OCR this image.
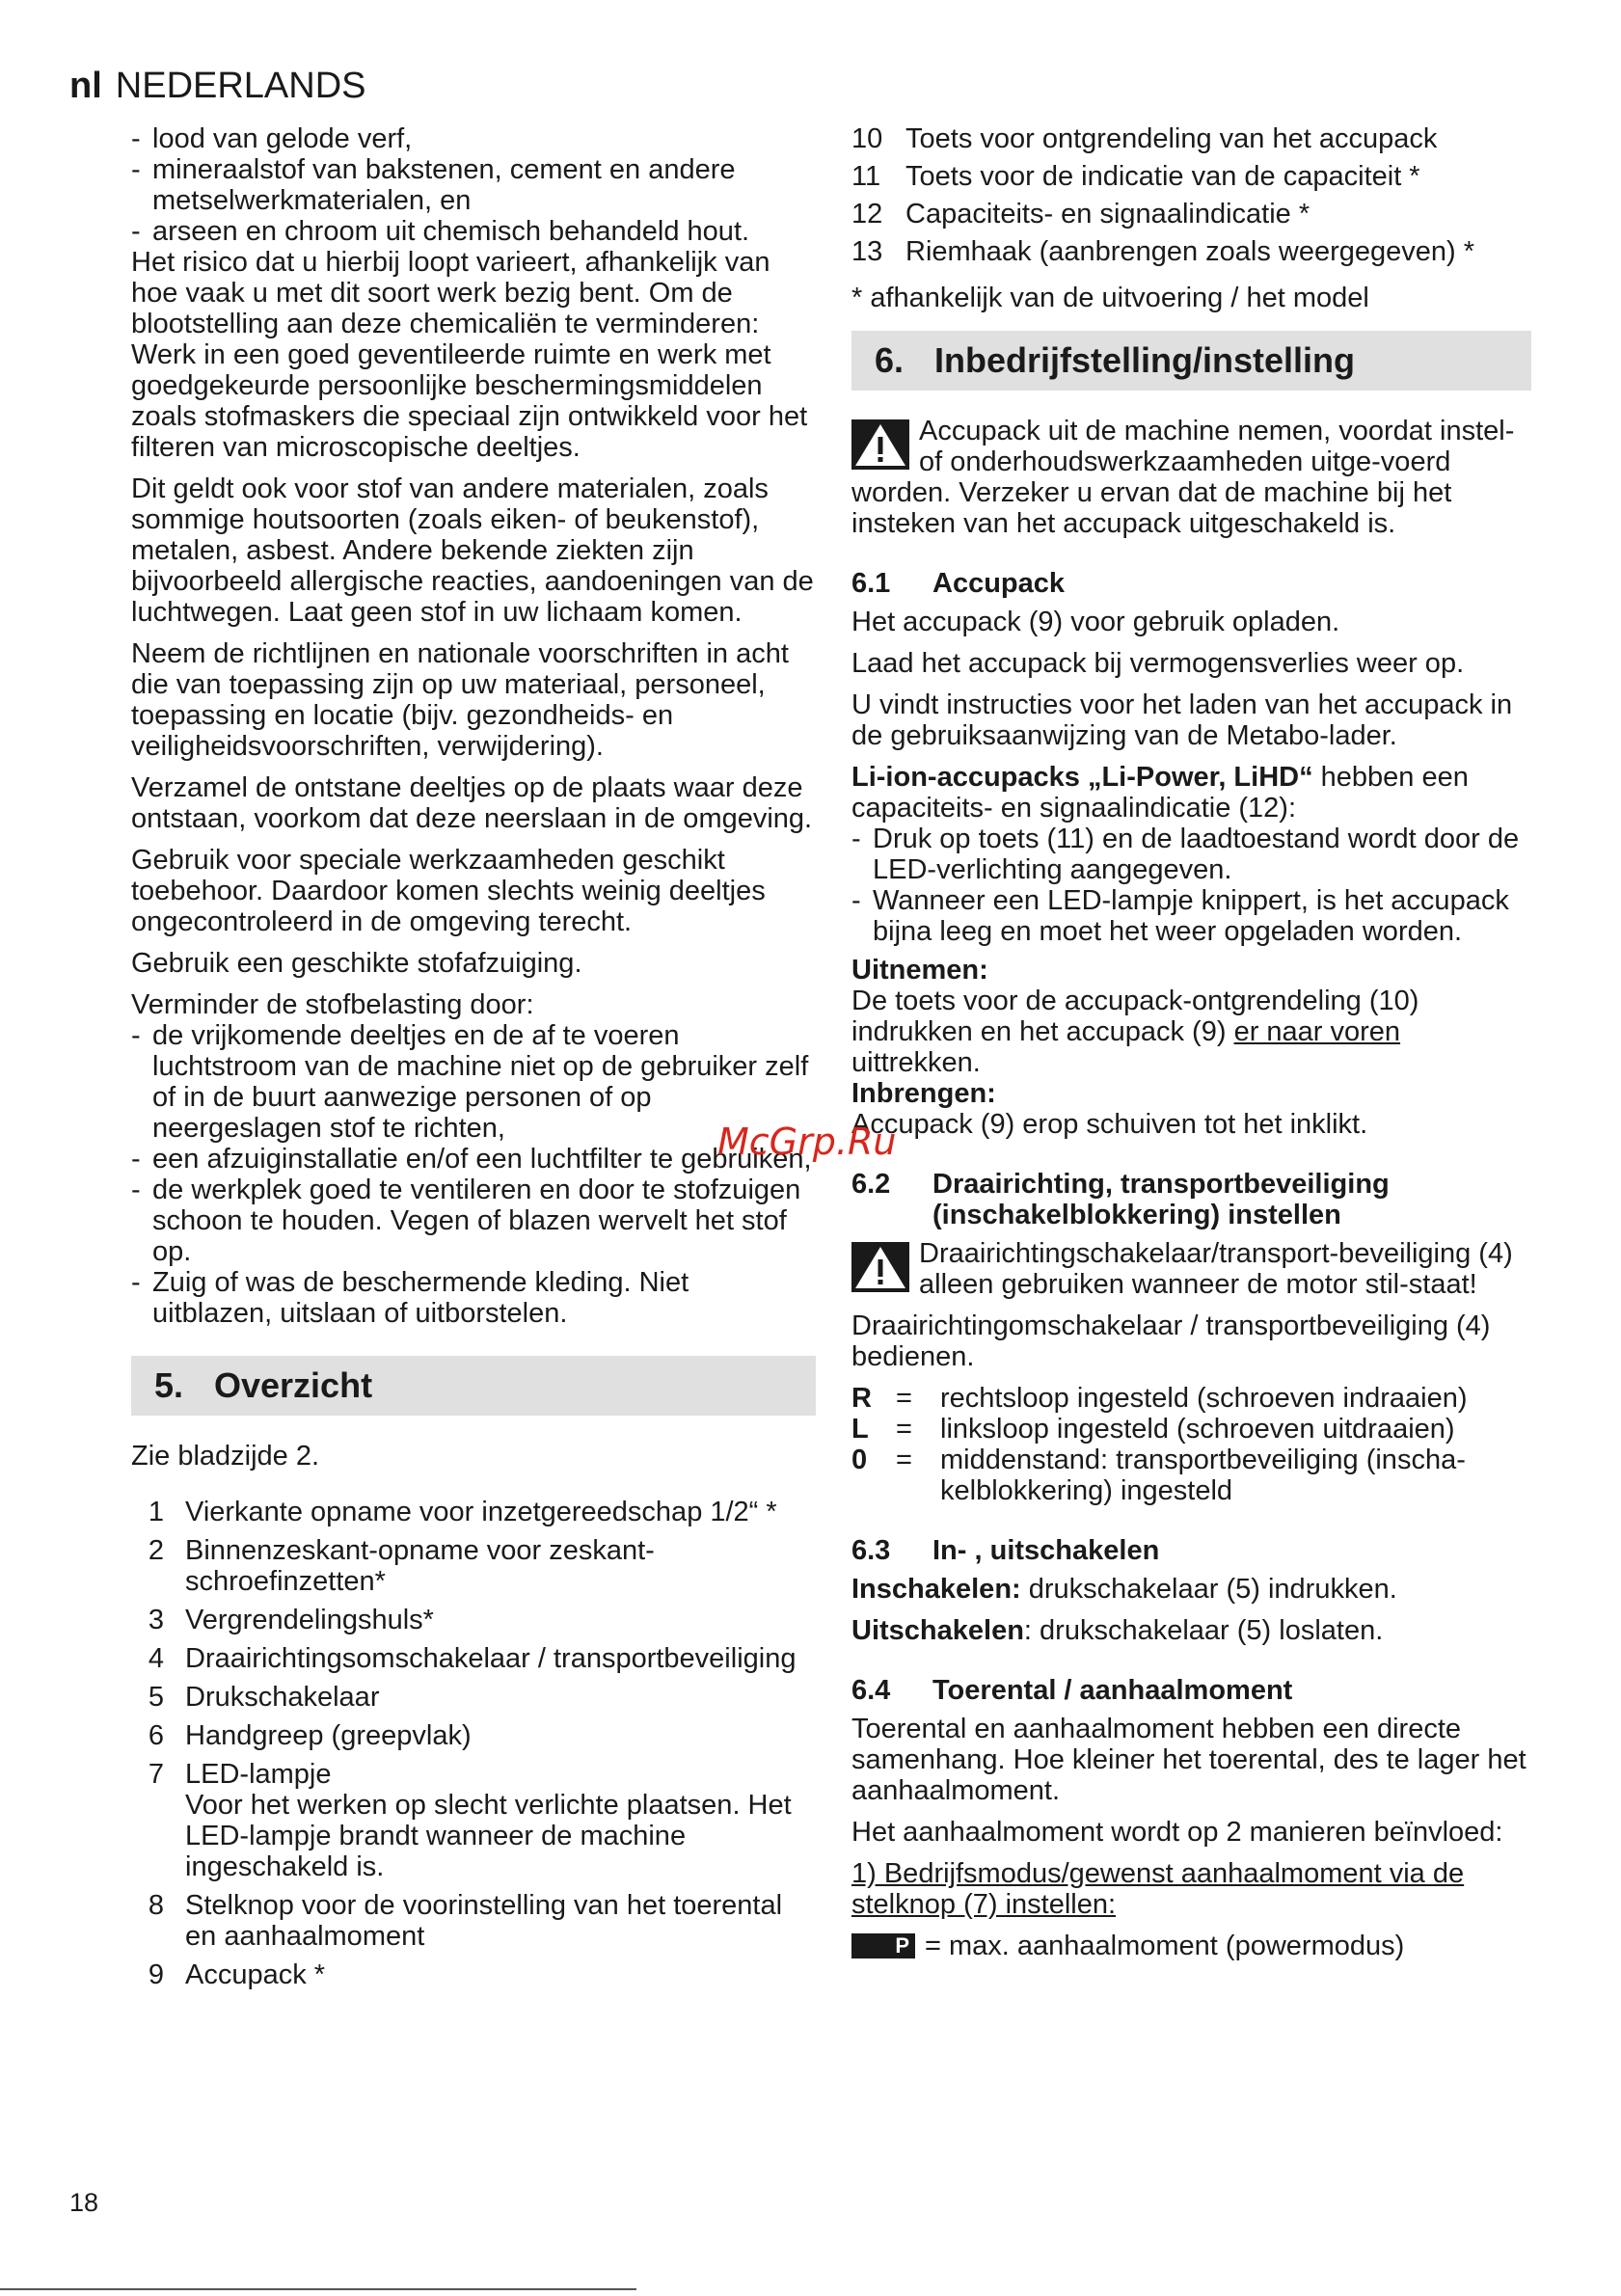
nl NEDERLANDS
- lood van gelode verf,
- mineraalstof van bakstenen, cement en andere metselwerkmaterialen, en
- arseen en chroom uit chemisch behandeld hout.

Het risico dat u hierbij loopt varieert, afhankelijk van hoe vaak u met dit soort werk bezig bent. Om de blootstelling aan deze chemicaliën te verminderen: Werk in een goed geventileerde ruimte en werk met goedgekeurde persoonlijke beschermingsmiddelen zoals stofmaskers die speciaal zijn ontwikkeld voor het filteren van microscopische deeltjes.

Dit geldt ook voor stof van andere materialen, zoals sommige houtsoorten (zoals eiken- of beukenstof), metalen, asbest. Andere bekende ziekten zijn bijvoorbeeld allergische reacties, aandoeningen van de luchtwegen. Laat geen stof in uw lichaam komen.

Neem de richtlijnen en nationale voorschriften in acht die van toepassing zijn op uw materiaal, personeel, toepassing en locatie (bijv. gezondheids- en veiligheidsvoorschriften, verwijdering).

Verzamel de ontstane deeltjes op de plaats waar deze ontstaan, voorkom dat deze neerslaan in de omgeving.

Gebruik voor speciale werkzaamheden geschikt toebehoor. Daardoor komen slechts weinig deeltjes ongecontroleerd in de omgeving terecht.

Gebruik een geschikte stofafzuiging.

Verminder de stofbelasting door:

- de vrijkomende deeltjes en de af te voeren luchtstroom van de machine niet op de gebruiker zelf of in de buurt aanwezige personen of op neergeslagen stof te richten,
- een afzuiginstallatie en/of een luchtfilter te gebruiken,
- de werkplek goed te ventileren en door te stofzuigen schoon te houden. Vegen of blazen wervelt het stof op.
- Zuig of was de beschermende kleding. Niet uitblazen, uitslaan of uitborstelen.
5. Overzicht

Zie bladzijde 2.

1 Vierkante opname voor inzetgereedschap 1/2“ *
2 Binnenzeskant-opname voor zeskant-schroefinzetten*
3 Vergrendelingshuls*
4 Draairichtingsomschakelaar / transportbeveiliging
5 Drukschakelaar
6 Handgreep (greepvlak)
7 LED-lampje
Voor het werken op slecht verlichte plaatsen. Het LED-lampje brandt wanneer de machine ingeschakeld is.
8 Stelknop voor de voorinstelling van het toerental en aanhaalmoment
9 Accupack *
10 Toets voor ontgrendeling van het accupack
11 Toets voor de indicatie van de capaciteit *
12 Capaciteits- en signaalindicatie *
13 Riemhaak (aanbrengen zoals weergegeven) *

* afhankelijk van de uitvoering / het model

6. Inbedrijfstelling/instelling
Accupack uit de machine nemen, voordat instel- of onderhoudswerkzaamheden uitge-voerd worden. Verzeker u ervan dat de machine bij het insteken van het accupack uitgeschakeld is.
6.1 Accupack

Het accupack (9) voor gebruik opladen.

Laad het accupack bij vermogensverlies weer op.

U vindt instructies voor het laden van het accupack in de gebruiksaanwijzing van de Metabo-lader.

Li-ion-accupacks „Li-Power, LiHD“ hebben een capaciteits- en signaalindicatie (12):

- Druk op toets (11) en de laadtoestand wordt door de LED-verlichting aangegeven.
- Wanneer een LED-lampje knippert, is het accupack bijna leeg en moet het weer opgeladen worden.
Uitnemen:

De toets voor de accupack-ontgrendeling (10) indrukken en het accupack (9) er naar voren uittrekken.

Inbrengen:

Accupack (9) erop schuiven tot het inklikt.

6.2 Draairichting, transportbeveiliging (inschakelblokkering) instellen
Draairichtingschakelaar/transport-beveiliging (4) alleen gebruiken wanneer de motor stil-staat!

Draairichtingomschakelaar / transportbeveiliging (4) bedienen.

R =	rechtsloop ingesteld (schroeven indraaien)
L =	linksloop ingesteld (schroeven uitdraaien)
0	=	middenstand: transportbeveiliging (inscha-kelblokkering) ingesteld
6.3 In- , uitschakelen

Inschakelen: drukschakelaar (5) indrukken.

Uitschakelen: drukschakelaar (5) loslaten.

6.4 Toerental / aanhaalmoment

Toerental en aanhaalmoment hebben een directe samenhang. Hoe kleiner het toerental, des te lager het aanhaalmoment.

Het aanhaalmoment wordt op 2 manieren beïnvloed:

1) Bedrijfsmodus/gewenst aanhaalmoment via de stelknop (7) instellen:

P = max. aanhaalmoment (powermodus)

McGrp.Ru
18
